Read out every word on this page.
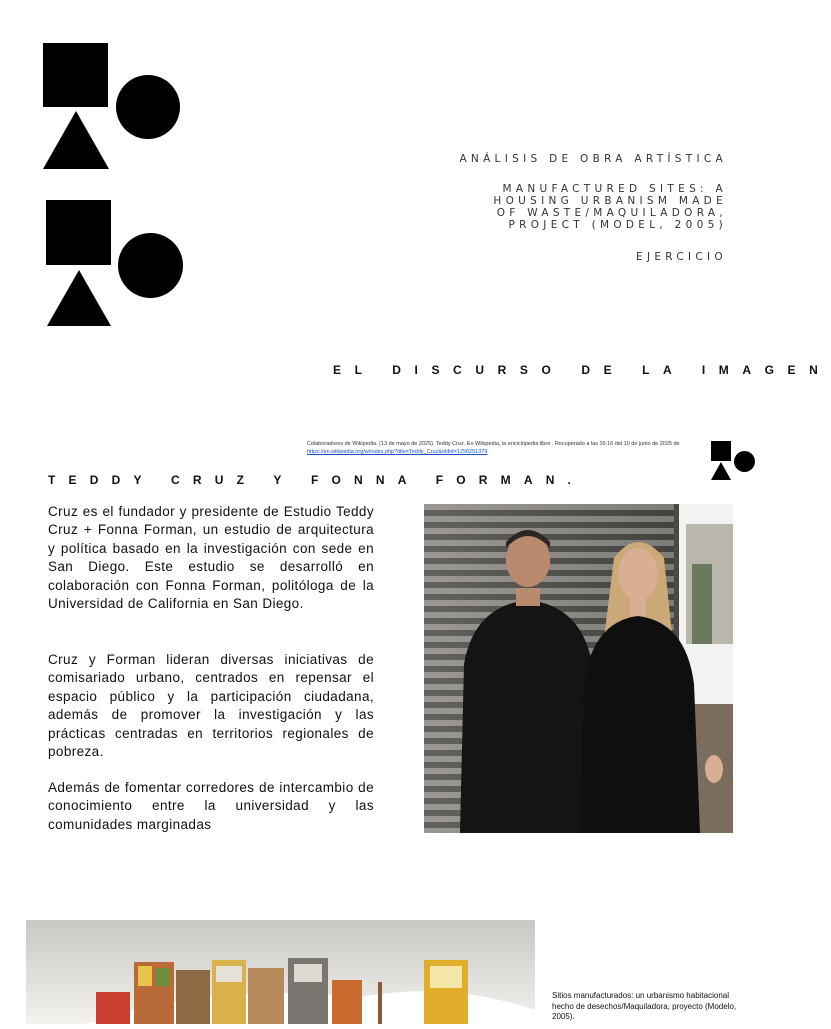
ANÁLISIS DE OBRA ARTÍSTICA
MANUFACTURED SITES: A
HOUSING URBANISM MADE
OF WASTE/MAQUILADORA,
PROJECT (MODEL, 2005)
EJERCICIO
EL DISCURSO DE LA IMAGEN
Colaboradores de Wikipedia. (13 de mayo de 2025). Teddy Cruz. En Wikipedia, la enciclopedia libre . Recuperado a las 16:16 del 10 de junio de 2025 de https://en.wikipedia.org/w/index.php?title=Teddy_Cruz&oldid=1290251379
TEDDY CRUZ Y FONNA FORMAN.

Cruz es el fundador y presidente de Estudio Teddy Cruz + Fonna Forman, un estudio de arquitectura y política basado en la investigación con sede en San Diego. Este estudio se desarrolló en colaboración con Fonna Forman, politóloga de la Universidad de California en San Diego.

Cruz y Forman lideran diversas iniciativas de comisariado urbano, centrados en repensar el espacio público y la participación ciudadana, además de promover la investigación y las prácticas centradas en territorios regionales de pobreza.

Además de fomentar corredores de intercambio de conocimiento entre la universidad y las comunidades marginadas

Sitios manufacturados: un urbanismo habitacional hecho de desechos/Maquiladora, proyecto (Modelo, 2005).
